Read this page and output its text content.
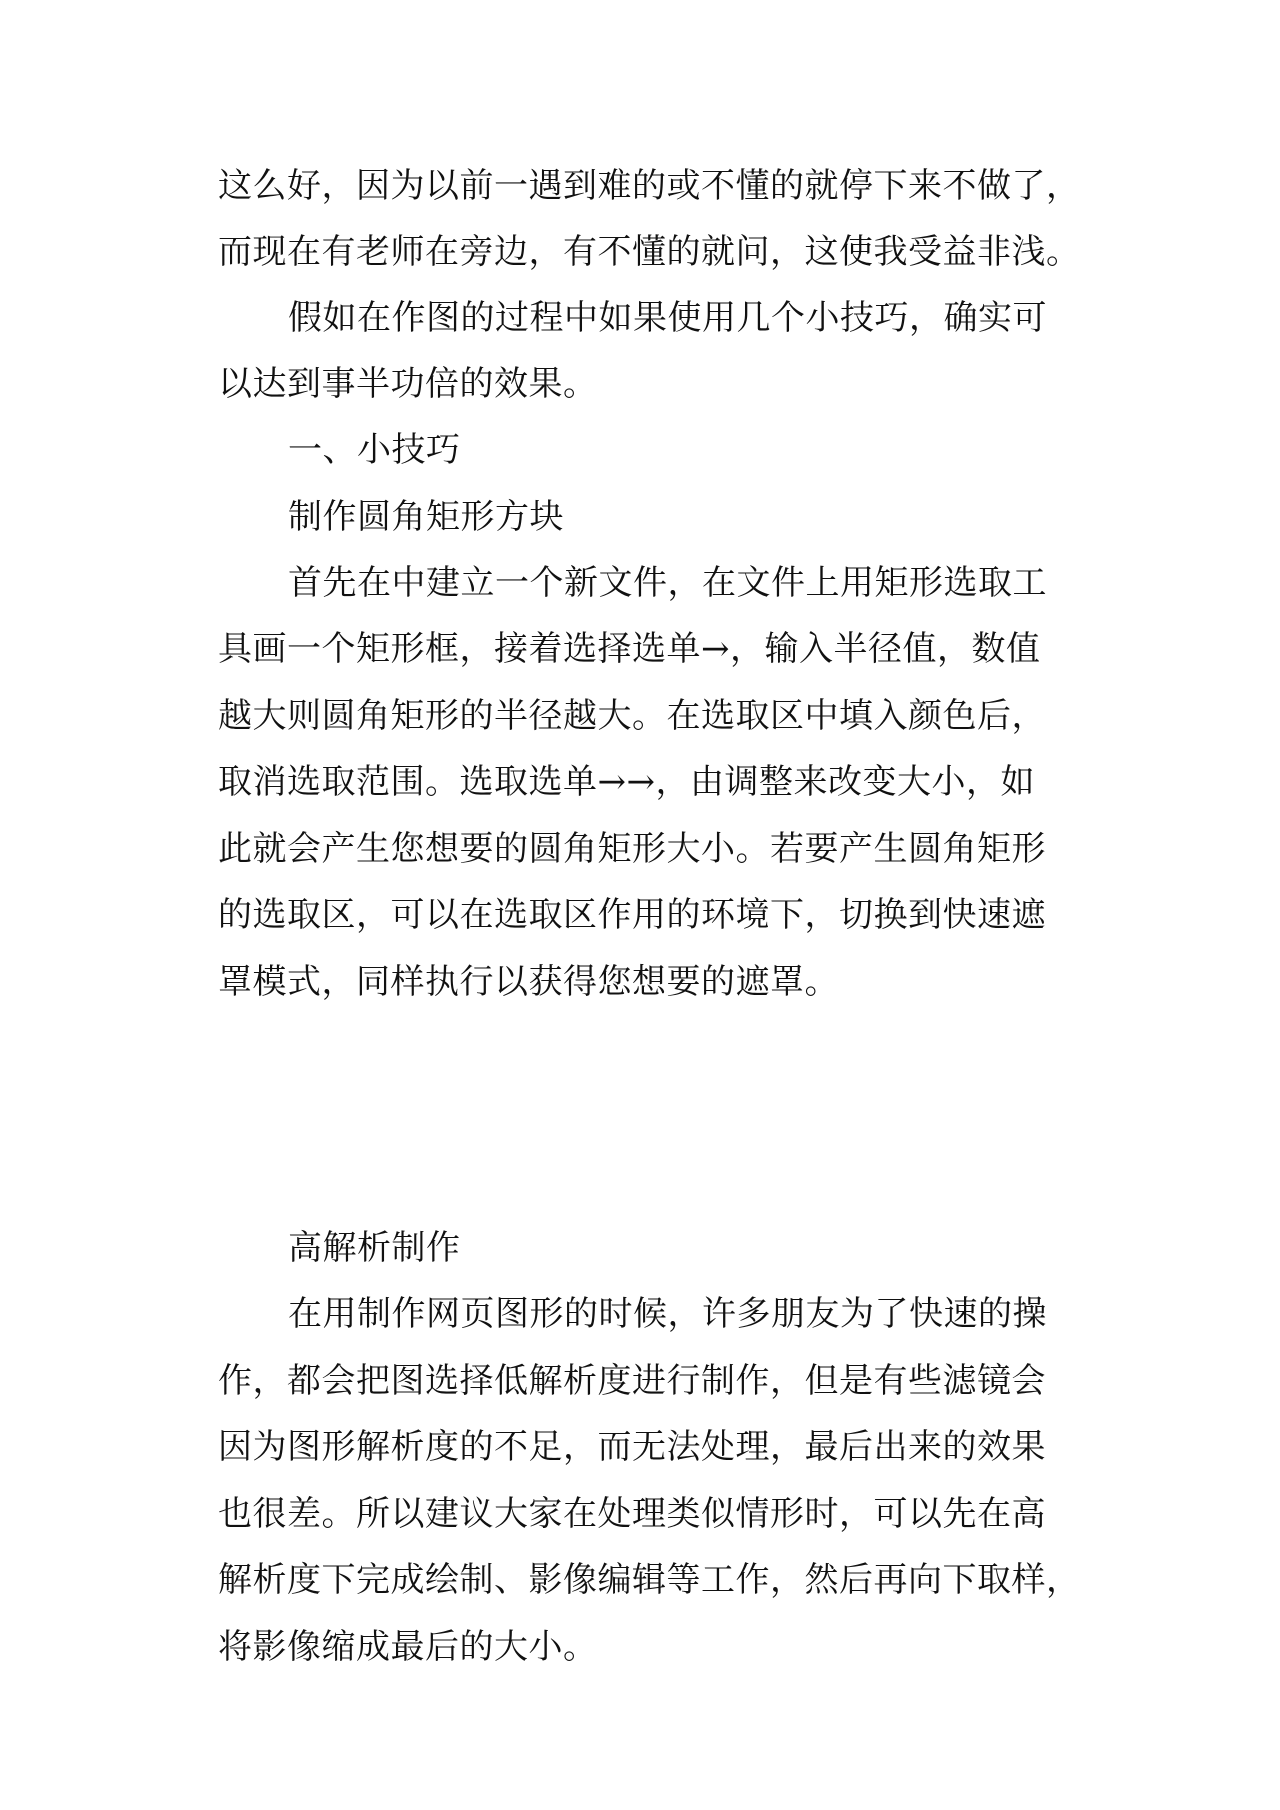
这么好，因为以前一遇到难的或不懂的就停下来不做了，
而现在有老师在旁边，有不懂的就问，这使我受益非浅。
假如在作图的过程中如果使用几个小技巧，确实可
以达到事半功倍的效果。
一、小技巧
制作圆角矩形方块
首先在中建立一个新文件，在文件上用矩形选取工
具画一个矩形框，接着选择选单→，输入半径值，数值
越大则圆角矩形的半径越大。在选取区中填入颜色后，
取消选取范围。选取选单→→，由调整来改变大小，如
此就会产生您想要的圆角矩形大小。若要产生圆角矩形
的选取区，可以在选取区作用的环境下，切换到快速遮
罩模式，同样执行以获得您想要的遮罩。
高解析制作
在用制作网页图形的时候，许多朋友为了快速的操
作，都会把图选择低解析度进行制作，但是有些滤镜会
因为图形解析度的不足，而无法处理，最后出来的效果
也很差。所以建议大家在处理类似情形时，可以先在高
解析度下完成绘制、影像编辑等工作，然后再向下取样，
将影像缩成最后的大小。
